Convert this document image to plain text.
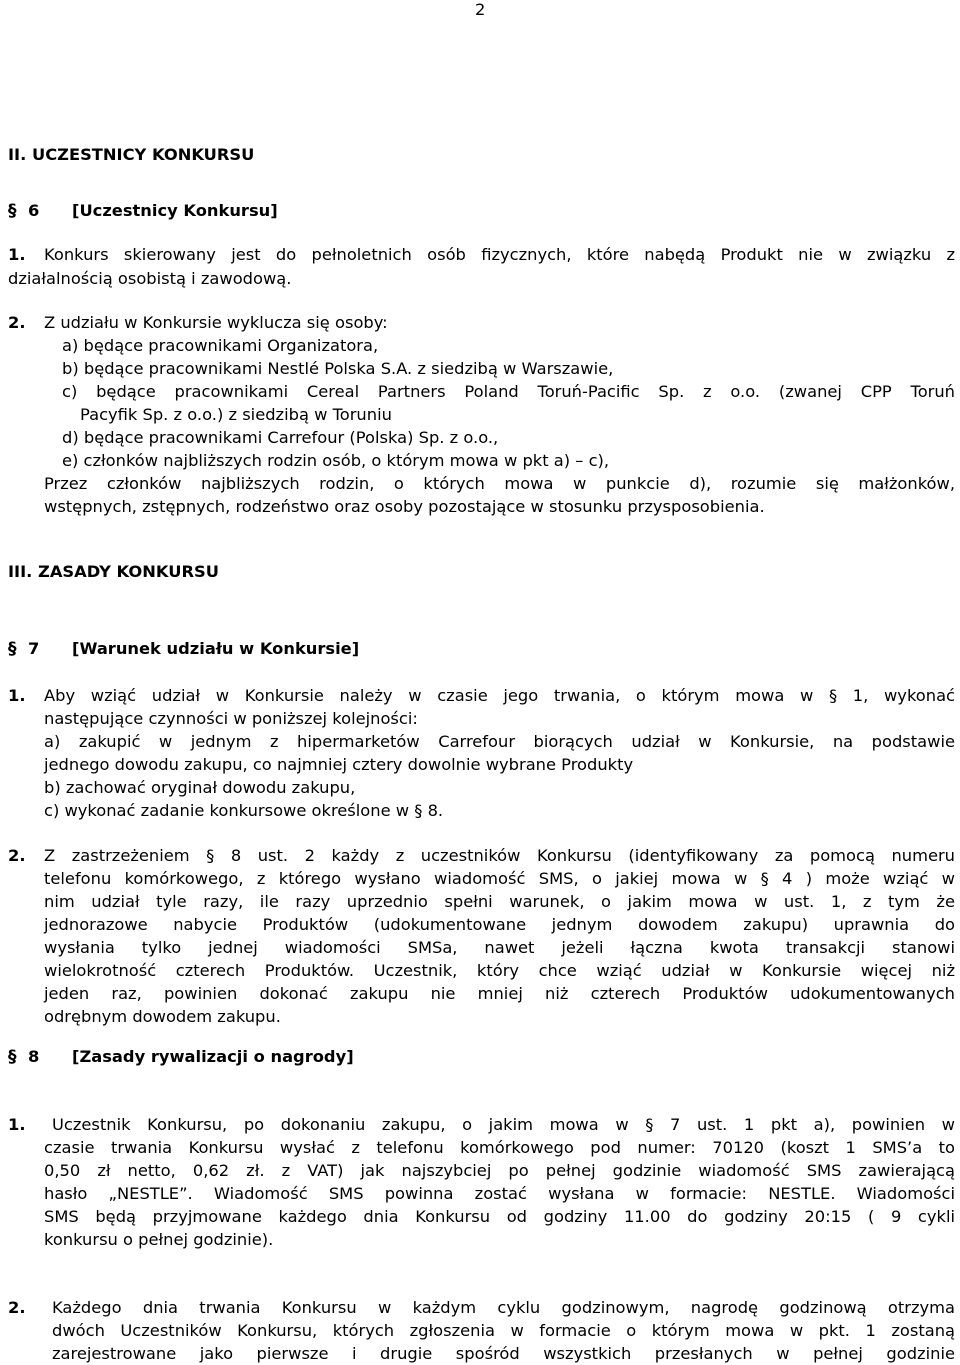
2
II. UCZESTNICY KONKURSU
§ 6 [Uczestnicy Konkursu]
1. Konkurs skierowany jest do pełnoletnich osób fizycznych, które nabędą Produkt nie w związku z
działalnością osobistą i zawodową.
2. Z udziału w Konkursie wyklucza się osoby:
a) będące pracownikami Organizatora,
b) będące pracownikami Nestlé Polska S.A. z siedzibą w Warszawie,
c) będące pracownikami Cereal Partners Poland Toruń-Pacific Sp. z o.o. (zwanej CPP Toruń
Pacyfik Sp. z o.o.) z siedzibą w Toruniu
d) będące pracownikami Carrefour (Polska) Sp. z o.o.,
e) członków najbliższych rodzin osób, o którym mowa w pkt a) – c),
Przez członków najbliższych rodzin, o których mowa w punkcie d), rozumie się małżonków,
wstępnych, zstępnych, rodzeństwo oraz osoby pozostające w stosunku przysposobienia.
III. ZASADY KONKURSU
§ 7 [Warunek udziału w Konkursie]
1. Aby wziąć udział w Konkursie należy w czasie jego trwania, o którym mowa w § 1, wykonać
następujące czynności w poniższej kolejności:
a) zakupić w jednym z hipermarketów Carrefour biorących udział w Konkursie, na podstawie
jednego dowodu zakupu, co najmniej cztery dowolnie wybrane Produkty
b) zachować oryginał dowodu zakupu,
c) wykonać zadanie konkursowe określone w § 8.
2. Z zastrzeżeniem § 8 ust. 2 każdy z uczestników Konkursu (identyfikowany za pomocą numeru
telefonu komórkowego, z którego wysłano wiadomość SMS, o jakiej mowa w § 4 ) może wziąć w
nim udział tyle razy, ile razy uprzednio spełni warunek, o jakim mowa w ust. 1, z tym że
jednorazowe nabycie Produktów (udokumentowane jednym dowodem zakupu) uprawnia do
wysłania tylko jednej wiadomości SMSa, nawet jeżeli łączna kwota transakcji stanowi
wielokrotność czterech Produktów. Uczestnik, który chce wziąć udział w Konkursie więcej niż
jeden raz, powinien dokonać zakupu nie mniej niż czterech Produktów udokumentowanych
odrębnym dowodem zakupu.
§ 8 [Zasady rywalizacji o nagrody]
1. Uczestnik Konkursu, po dokonaniu zakupu, o jakim mowa w § 7 ust. 1 pkt a), powinien w
czasie trwania Konkursu wysłać z telefonu komórkowego pod numer: 70120 (koszt 1 SMS’a to
0,50 zł netto, 0,62 zł. z VAT) jak najszybciej po pełnej godzinie wiadomość SMS zawierającą
hasło „NESTLE”. Wiadomość SMS powinna zostać wysłana w formacie: NESTLE. Wiadomości
SMS będą przyjmowane każdego dnia Konkursu od godziny 11.00 do godziny 20:15 ( 9 cykli
konkursu o pełnej godzinie).
2. Każdego dnia trwania Konkursu w każdym cyklu godzinowym, nagrodę godzinową otrzyma
dwóch Uczestników Konkursu, których zgłoszenia w formacie o którym mowa w pkt. 1 zostaną
zarejestrowane jako pierwsze i drugie spośród wszystkich przesłanych w pełnej godzinie
